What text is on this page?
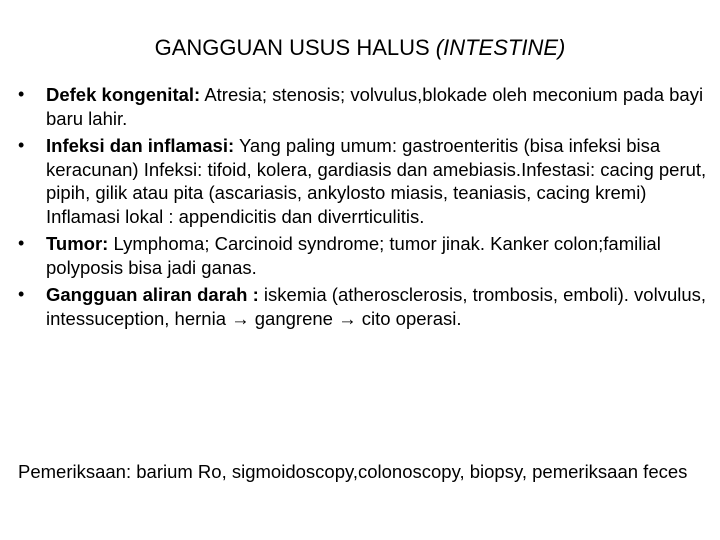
GANGGUAN USUS HALUS (INTESTINE)
•	Defek kongenital: Atresia; stenosis; volvulus,blokade oleh meconium pada bayi baru lahir.
•	Infeksi dan inflamasi: Yang paling umum: gastroenteritis (bisa infeksi bisa keracunan) Infeksi: tifoid, kolera, gardiasis dan amebiasis.Infestasi: cacing perut, pipih, gilik atau pita (ascariasis, ankylosto miasis, teaniasis, cacing kremi) Inflamasi lokal : appendicitis dan diverrticulitis.
•	Tumor: Lymphoma; Carcinoid syndrome; tumor jinak. Kanker colon;familial polyposis bisa jadi ganas.
•	Gangguan aliran darah : iskemia (atherosclerosis, trombosis, emboli). volvulus, intessuception, hernia → gangrene → cito operasi.

Pemeriksaan: barium Ro, sigmoidoscopy,colonoscopy, biopsy, pemeriksaan feces
